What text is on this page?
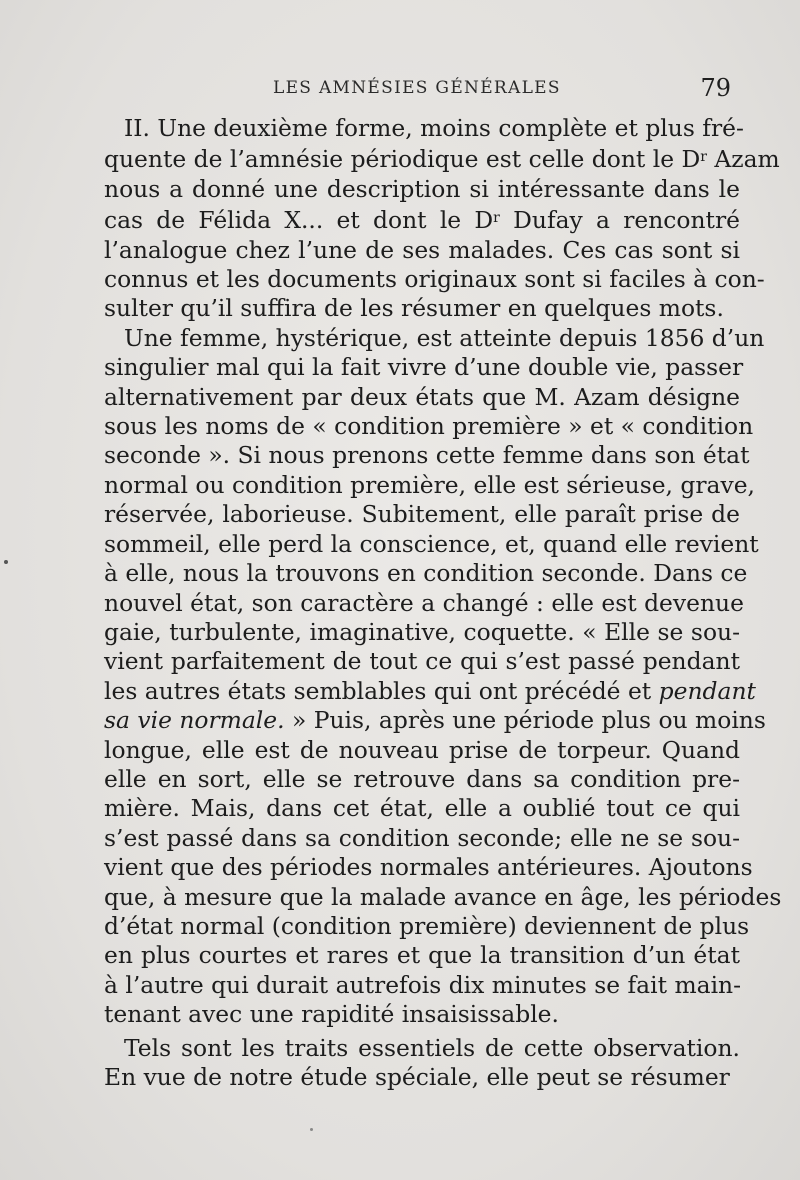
LES AMNÉSIES GÉNÉRALES	79
II. Une deuxième forme, moins complète et plus fré-
quente de l’amnésie périodique est celle dont le $D^r$ Azam
nous a donné une description si intéressante dans le
cas de Félida X... et dont le $D^r$ Dufay a rencontré
l’analogue chez l’une de ses malades. Ces cas sont si
connus et les documents originaux sont si faciles à con-
sulter qu’il suffira de les résumer en quelques mots.
Une femme, hystérique, est atteinte depuis 1856 d’un
singulier mal qui la fait vivre d’une double vie, passer
alternativement par deux états que M. Azam désigne
sous les noms de « condition première » et « condition
seconde ». Si nous prenons cette femme dans son état
normal ou condition première, elle est sérieuse, grave,
réservée, laborieuse. Subitement, elle paraît prise de
sommeil, elle perd la conscience, et, quand elle revient
à elle, nous la trouvons en condition seconde. Dans ce
nouvel état, son caractère a changé : elle est devenue
gaie, turbulente, imaginative, coquette. « Elle se sou-
vient parfaitement de tout ce qui s’est passé pendant
les autres états semblables qui ont précédé et pendant
sa vie normale. » Puis, après une période plus ou moins
longue, elle est de nouveau prise de torpeur. Quand
elle en sort, elle se retrouve dans sa condition pre-
mière. Mais, dans cet état, elle a oublié tout ce qui
s’est passé dans sa condition seconde; elle ne se sou-
vient que des périodes normales antérieures. Ajoutons
que, à mesure que la malade avance en âge, les périodes
d’état normal (condition première) deviennent de plus
en plus courtes et rares et que la transition d’un état
à l’autre qui durait autrefois dix minutes se fait main-
tenant avec une rapidité insaisissable.
Tels sont les traits essentiels de cette observation.
En vue de notre étude spéciale, elle peut se résumer
